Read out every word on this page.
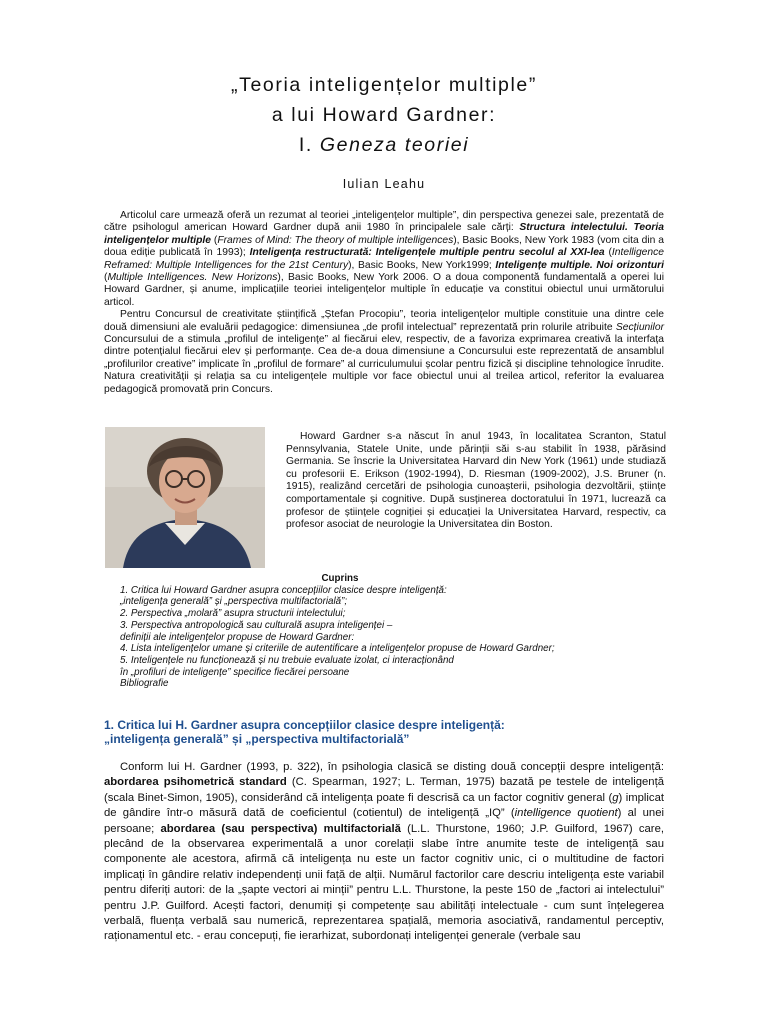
„Teoria inteligențelor multiple”
a lui Howard Gardner:
I. Geneza teoriei
Iulian Leahu

Articolul care urmează oferă un rezumat al teoriei „inteligențelor multiple”, din perspectiva genezei sale, prezentată de către psihologul american Howard Gardner după anii 1980 în principalele sale cărți: Structura intelectului. Teoria inteligențelor multiple (Frames of Mind: The theory of multiple intelligences), Basic Books, New York 1983 (vom cita din a doua ediție publicată în 1993); Inteligența restructurată: Inteligențele multiple pentru secolul al XXI-lea (Intelligence Reframed: Multiple Intelligences for the 21st Century), Basic Books, New York1999; Inteligențe multiple. Noi orizonturi (Multiple Intelligences. New Horizons), Basic Books, New York 2006. O a doua componentă fundamentală a operei lui Howard Gardner, și anume, implicațiile teoriei inteligențelor multiple în educație va constitui obiectul unui următorului articol.

Pentru Concursul de creativitate științifică „Ștefan Procopiu”, teoria inteligențelor multiple constituie una dintre cele două dimensiuni ale evaluării pedagogice: dimensiunea „de profil intelectual” reprezentată prin rolurile atribuite Secțiunilor Concursului de a stimula „profilul de inteligențe” al fiecărui elev, respectiv, de a favoriza exprimarea creativă la interfața dintre potențialul fiecărui elev și performanțe. Cea de-a doua dimensiune a Concursului este reprezentată de ansamblul „profilurilor creative” implicate în „profilul de formare” al curriculumului școlar pentru fizică și discipline tehnologice înrudite. Natura creativității și relația sa cu inteligențele multiple vor face obiectul unui al treilea articol, referitor la evaluarea pedagogică promovată prin Concurs.

Howard Gardner s-a născut în anul 1943, în localitatea Scranton, Statul Pennsylvania, Statele Unite, unde părinții săi s-au stabilit în 1938, părăsind Germania. Se înscrie la Universitatea Harvard din New York (1961) unde studiază cu profesorii E. Erikson (1902-1994), D. Riesman (1909-2002), J.S. Bruner (n. 1915), realizând cercetări de psihologia cunoașterii, psihologia dezvoltării, științe comportamentale și cognitive. După susținerea doctoratului în 1971, lucrează ca profesor de științele cogniției și educației la Universitatea Harvard, respectiv, ca profesor asociat de neurologie la Universitatea din Boston.

Cuprins
1. Critica lui Howard Gardner asupra concepțiilor clasice despre inteligență:
„inteligența generală” și „perspectiva multifactorială”;
2. Perspectiva „molară” asupra structurii intelectului;
3. Perspectiva antropologică sau culturală asupra inteligenței –
definiții ale inteligențelor propuse de Howard Gardner:
4. Lista inteligențelor umane și criteriile de autentificare a inteligențelor propuse de Howard Gardner;
5. Inteligențele nu funcționează și nu trebuie evaluate izolat, ci interacționând
în „profiluri de inteligențe” specifice fiecărei persoane
Bibliografie
1. Critica lui H. Gardner asupra concepțiilor clasice despre inteligență:
„inteligența generală” și „perspectiva multifactorială”

Conform lui H. Gardner (1993, p. 322), în psihologia clasică se disting două concepții despre inteligență: abordarea psihometrică standard (C. Spearman, 1927; L. Terman, 1975) bazată pe testele de inteligență (scala Binet-Simon, 1905), considerând că inteligența poate fi descrisă ca un factor cognitiv general (g) implicat de gândire într-o măsură dată de coeficientul (cotientul) de inteligență „IQ” (intelligence quotient) al unei persoane; abordarea (sau perspectiva) multifactorială (L.L. Thurstone, 1960; J.P. Guilford, 1967) care, plecând de la observarea experimentală a unor corelații slabe între anumite teste de inteligență sau componente ale acestora, afirmă că inteligența nu este un factor cognitiv unic, ci o multitudine de factori implicați în gândire relativ independenți unii față de alții. Numărul factorilor care descriu inteligența este variabil pentru diferiți autori: de la „șapte vectori ai minții” pentru L.L. Thurstone, la peste 150 de „factori ai intelectului” pentru J.P. Guilford. Acești factori, denumiți și competențe sau abilități intelectuale - cum sunt înțelegerea verbală, fluența verbală sau numerică, reprezentarea spațială, memoria asociativă, randamentul perceptiv, raționamentul etc. - erau concepuți, fie ierarhizat, subordonați inteligenței generale (verbale sau
